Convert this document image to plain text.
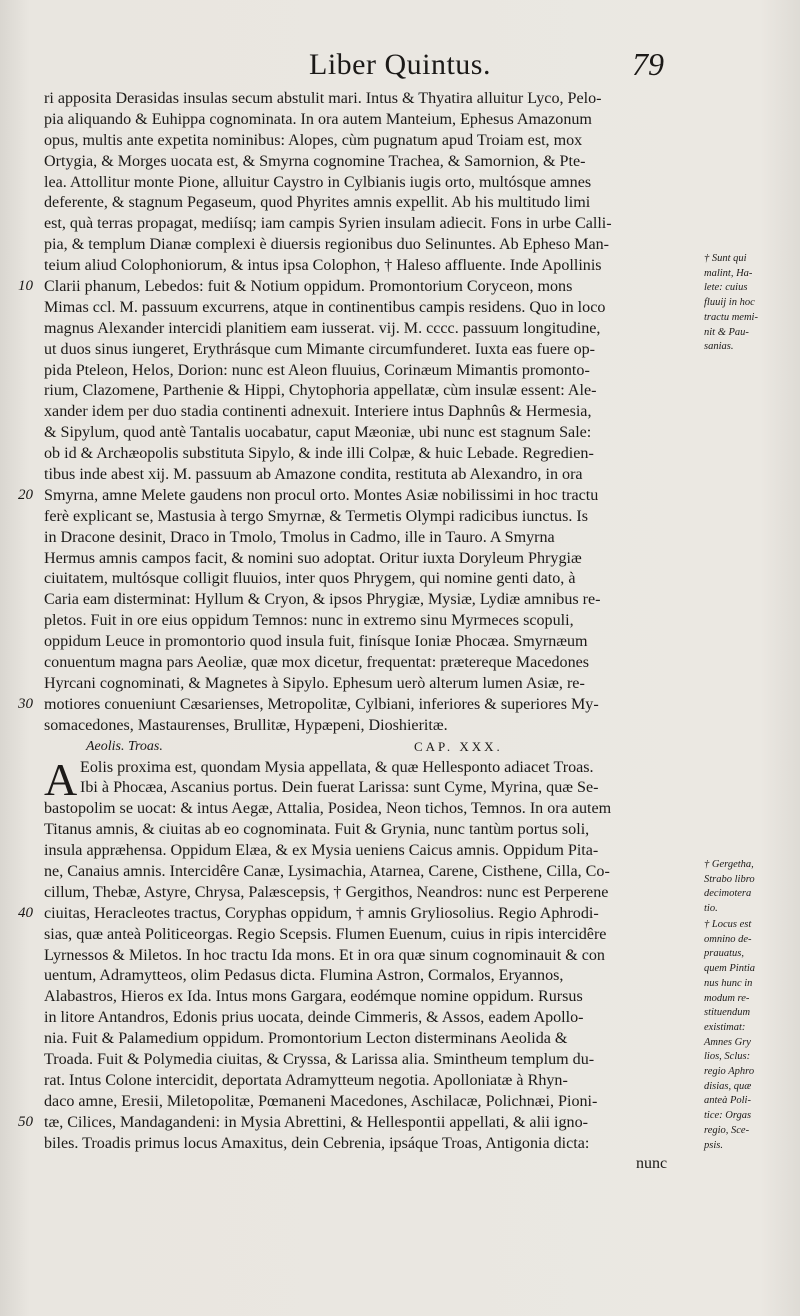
Liber Quintus.	79
ri apposita Derasidas insulas secum abstulit mari. Intus & Thyatira alluitur Lyco, Pelo-
pia aliquando & Euhippa cognominata. In ora autem Manteium, Ephesus Amazonum
opus, multis ante expetita nominibus: Alopes, cùm pugnatum apud Troiam est, mox
Ortygia, & Morges uocata est, & Smyrna cognomine Trachea, & Samornion, & Pte-
lea. Attollitur monte Pione, alluitur Caystro in Cylbianis iugis orto, multósque amnes
deferente, & stagnum Pegaseum, quod Phyrites amnis expellit. Ab his multitudo limi
est, quà terras propagat, mediísq; iam campis Syrien insulam adiecit. Fons in urbe Calli-
pia, & templum Dianæ complexi è diuersis regionibus duo Selinuntes. Ab Epheso Man-
teium aliud Colophoniorum, & intus ipsa Colophon, † Haleso affluente. Inde Apollinis
Clarii phanum, Lebedos: fuit & Notium oppidum. Promontorium Coryceon, mons
Mimas ccl. M. passuum excurrens, atque in continentibus campis residens. Quo in loco
magnus Alexander intercidi planitiem eam iusserat. vij. M. cccc. passuum longitudine,
ut duos sinus iungeret, Erythrásque cum Mimante circumfunderet. Iuxta eas fuere op-
pida Pteleon, Helos, Dorion: nunc est Aleon fluuius, Corinæum Mimantis promonto-
rium, Clazomene, Parthenie & Hippi, Chytophoria appellatæ, cùm insulæ essent: Ale-
xander idem per duo stadia continenti adnexuit. Interiere intus Daphnûs & Hermesia,
& Sipylum, quod antè Tantalis uocabatur, caput Mæoniæ, ubi nunc est stagnum Sale:
ob id & Archæopolis substituta Sipylo, & inde illi Colpæ, & huic Lebade. Regredien-
tibus inde abest xij. M. passuum ab Amazone condita, restituta ab Alexandro, in ora
Smyrna, amne Melete gaudens non procul orto. Montes Asiæ nobilissimi in hoc tractu
ferè explicant se, Mastusia à tergo Smyrnæ, & Termetis Olympi radicibus iunctus. Is
in Dracone desinit, Draco in Tmolo, Tmolus in Cadmo, ille in Tauro. A Smyrna
Hermus amnis campos facit, & nomini suo adoptat. Oritur iuxta Doryleum Phrygiæ
ciuitatem, multósque colligit fluuios, inter quos Phrygem, qui nomine genti dato, à
Caria eam disterminat: Hyllum & Cryon, & ipsos Phrygiæ, Mysiæ, Lydiæ amnibus re-
pletos. Fuit in ore eius oppidum Temnos: nunc in extremo sinu Myrmeces scopuli,
oppidum Leuce in promontorio quod insula fuit, finísque Ioniæ Phocæa. Smyrnæum
conuentum magna pars Aeoliæ, quæ mox dicetur, frequentat: prætereque Macedones
Hyrcani cognominati, & Magnetes à Sipylo. Ephesum uerò alterum lumen Asiæ, re-
motiores conueniunt Cæsarienses, Metropolitæ, Cylbiani, inferiores & superiores My-
somacedones, Mastaurenses, Brullitæ, Hypæpeni, Dioshieritæ.
Aeolis. Troas.	CAP. XXX.
Eolis proxima est, quondam Mysia appellata, & quæ Hellesponto adiacet Troas.
Ibi à Phocæa, Ascanius portus. Dein fuerat Larissa: sunt Cyme, Myrina, quæ Se-
bastopolim se uocat: & intus Aegæ, Attalia, Posidea, Neon tichos, Temnos. In ora autem
Titanus amnis, & ciuitas ab eo cognominata. Fuit & Grynia, nunc tantùm portus soli,
insula appræhensa. Oppidum Elæa, & ex Mysia ueniens Caicus amnis. Oppidum Pita-
ne, Canaius amnis. Intercidêre Canæ, Lysimachia, Atarnea, Carene, Cisthene, Cilla, Co-
cillum, Thebæ, Astyre, Chrysa, Palæscepsis, † Gergithos, Neandros: nunc est Perperene
ciuitas, Heracleotes tractus, Coryphas oppidum, † amnis Gryliosolius. Regio Aphrodi-
sias, quæ anteà Politiceorgas. Regio Scepsis. Flumen Euenum, cuius in ripis intercidêre
Lyrnessos & Miletos. In hoc tractu Ida mons. Et in ora quæ sinum cognominauit & con
uentum, Adramytteos, olim Pedasus dicta. Flumina Astron, Cormalos, Eryannos,
Alabastros, Hieros ex Ida. Intus mons Gargara, eodémque nomine oppidum. Rursus
in litore Antandros, Edonis prius uocata, deinde Cimmeris, & Assos, eadem Apollo-
nia. Fuit & Palamedium oppidum. Promontorium Lecton disterminans Aeolida &
Troada. Fuit & Polymedia ciuitas, & Cryssa, & Larissa alia. Smintheum templum du-
rat. Intus Colone intercidit, deportata Adramytteum negotia. Apolloniatæ à Rhyn-
daco amne, Eresii, Miletopolitæ, Pœmaneni Macedones, Aschilacæ, Polichnæi, Pioni-
tæ, Cilices, Mandagandeni: in Mysia Abrettini, & Hellespontii appellati, & alii igno-
biles. Troadis primus locus Amaxitus, dein Cebrenia, ipsáque Troas, Antigonia dicta:
A
10
20
30
40
50
† Sunt qui
malint, Ha-
lete: cuius
fluuij in hoc
tractu memi-
nit & Pau-
sanias.
† Gergetha,
Strabo libro
decimotera
tio.
† Locus est
omnino de-
prauatus,
quem Pintia
nus hunc in
modum re-
stituendum
existimat:
Amnes Gry
lios, Sclus:
regio Aphro
disias, quæ
anteà Poli-
tice: Orgas
regio, Sce-
psis.
nunc
